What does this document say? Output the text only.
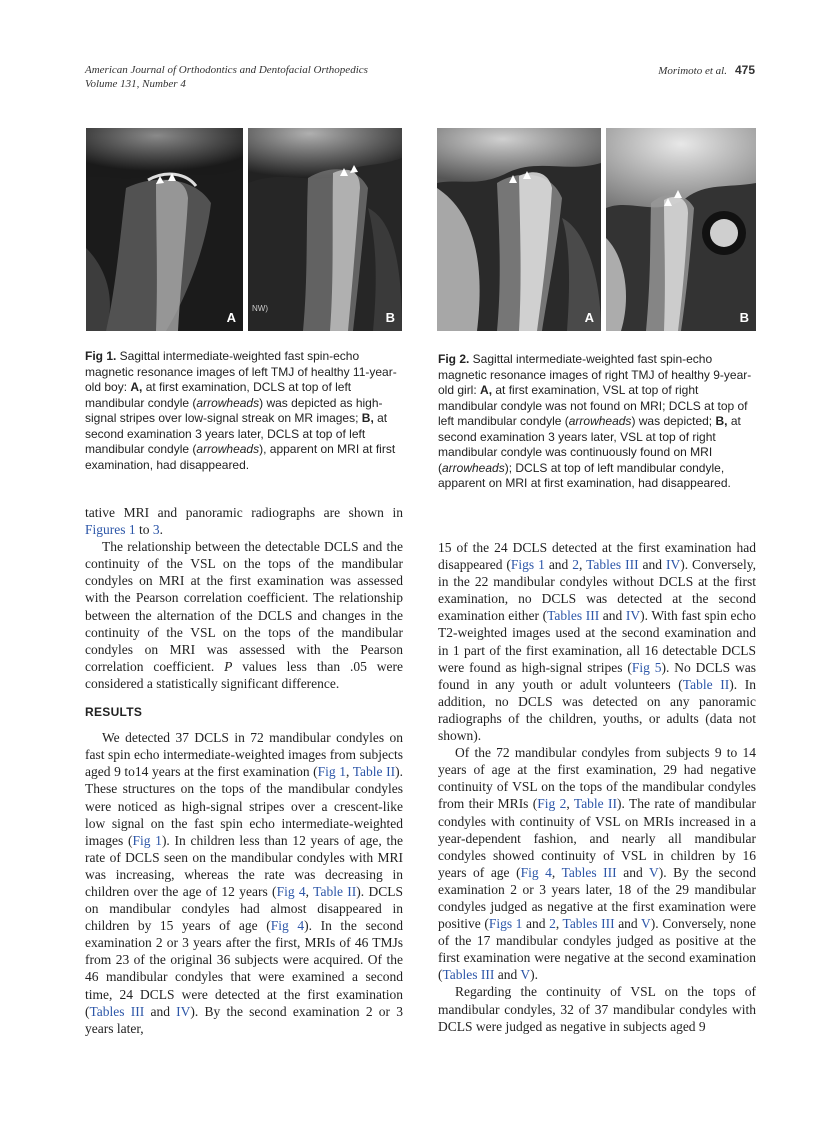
American Journal of Orthodontics and Dentofacial Orthopedics
Volume 131, Number 4
Morimoto et al. 475
A
NW)
B	A	B
Fig 1. Sagittal intermediate-weighted fast spin-echo magnetic resonance images of left TMJ of healthy 11-year-old boy: A, at first examination, DCLS at top of left mandibular condyle (arrowheads) was depicted as high-signal stripes over low-signal streak on MR images; B, at second examination 3 years later, DCLS at top of left mandibular condyle (arrowheads), apparent on MRI at first examination, had disappeared.
Fig 2. Sagittal intermediate-weighted fast spin-echo magnetic resonance images of right TMJ of healthy 9-year-old girl: A, at first examination, VSL at top of right mandibular condyle was not found on MRI; DCLS at top of left mandibular condyle (arrowheads) was depicted; B, at second examination 3 years later, VSL at top of right mandibular condyle was continuously found on MRI (arrowheads); DCLS at top of left mandibular condyle, apparent on MRI at first examination, had disappeared.

tative MRI and panoramic radiographs are shown in Figures 1 to 3.

The relationship between the detectable DCLS and the continuity of the VSL on the tops of the mandibular condyles on MRI at the first examination was assessed with the Pearson correlation coefficient. The relationship between the alternation of the DCLS and changes in the continuity of the VSL on the tops of the mandibular condyles on MRI was assessed with the Pearson correlation coefficient. P values less than .05 were considered a statistically significant difference.

RESULTS

We detected 37 DCLS in 72 mandibular condyles on fast spin echo intermediate-weighted images from subjects aged 9 to14 years at the first examination (Fig 1, Table II). These structures on the tops of the mandibular condyles were noticed as high-signal stripes over a crescent-like low signal on the fast spin echo intermediate-weighted images (Fig 1). In children less than 12 years of age, the rate of DCLS seen on the mandibular condyles with MRI was increasing, whereas the rate was decreasing in children over the age of 12 years (Fig 4, Table II). DCLS on mandibular condyles had almost disappeared in children by 15 years of age (Fig 4). In the second examination 2 or 3 years after the first, MRIs of 46 TMJs from 23 of the original 36 subjects were acquired. Of the 46 mandibular condyles that were examined a second time, 24 DCLS were detected at the first examination (Tables III and IV). By the second examination 2 or 3 years later,

15 of the 24 DCLS detected at the first examination had disappeared (Figs 1 and 2, Tables III and IV). Conversely, in the 22 mandibular condyles without DCLS at the first examination, no DCLS was detected at the second examination either (Tables III and IV). With fast spin echo T2-weighted images used at the second examination and in 1 part of the first examination, all 16 detectable DCLS were found as high-signal stripes (Fig 5). No DCLS was found in any youth or adult volunteers (Table II). In addition, no DCLS was detected on any panoramic radiographs of the children, youths, or adults (data not shown).

Of the 72 mandibular condyles from subjects 9 to 14 years of age at the first examination, 29 had negative continuity of VSL on the tops of the mandibular condyles from their MRIs (Fig 2, Table II). The rate of mandibular condyles with continuity of VSL on MRIs increased in a year-dependent fashion, and nearly all mandibular condyles showed continuity of VSL in children by 16 years of age (Fig 4, Tables III and V). By the second examination 2 or 3 years later, 18 of the 29 mandibular condyles judged as negative at the first examination were positive (Figs 1 and 2, Tables III and V). Conversely, none of the 17 mandibular condyles judged as positive at the first examination were negative at the second examination (Tables III and V).

Regarding the continuity of VSL on the tops of mandibular condyles, 32 of 37 mandibular condyles with DCLS were judged as negative in subjects aged 9
